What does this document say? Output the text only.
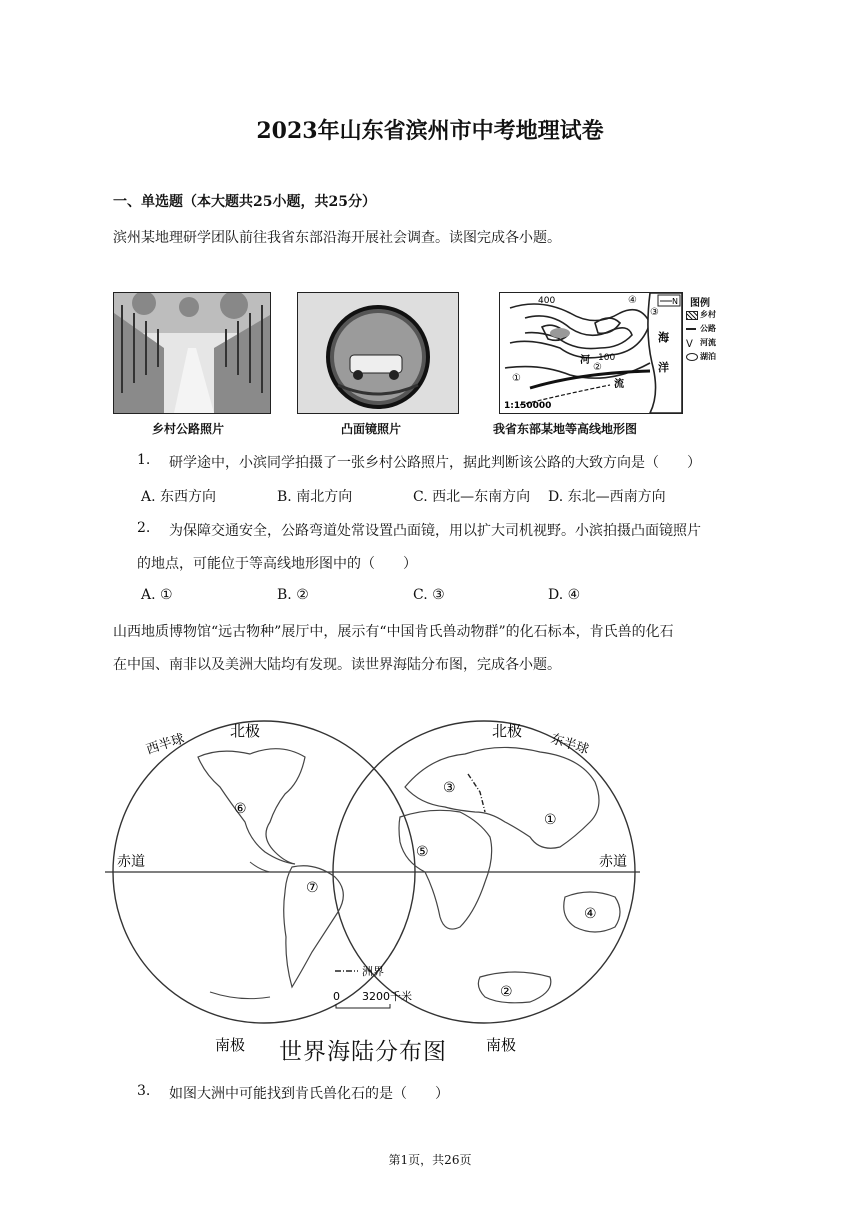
2023年山东省滨州市中考地理试卷
一、单选题（本大题共25小题，共25分）
滨州某地理研学团队前往我省东部沿海开展社会调查。读图完成各小题。
乡村公路照片	凸面镜照片
400
100
④
③
①
②
河
流
海
洋
N
1:150000
图例
乡村
公路
ᐯ 河流
湖泊
我省东部某地等高线地形图
1. 研学途中，小滨同学拍摄了一张乡村公路照片，据此判断该公路的大致方向是（　　）
A. 东西方向	B. 南北方向	C. 西北—东南方向 D. 东北—西南方向
2. 为保障交通安全，公路弯道处常设置凸面镜，用以扩大司机视野。小滨拍摄凸面镜照片
的地点，可能位于等高线地形图中的（　　）
A. ①	B. ②	C. ③	D. ④
山西地质博物馆“远古物种”展厅中，展示有“中国肯氏兽动物群”的化石标本，肯氏兽的化石
在中国、南非以及美洲大陆均有发现。读世界海陆分布图，完成各小题。
⑥
⑦
③
①
⑤
④
②
西半球	东半球
北极	北极
赤道	赤道
南极	南极
洲界
0 3200千米
世界海陆分布图
3. 如图大洲中可能找到肯氏兽化石的是（　　）
第1页，共26页
